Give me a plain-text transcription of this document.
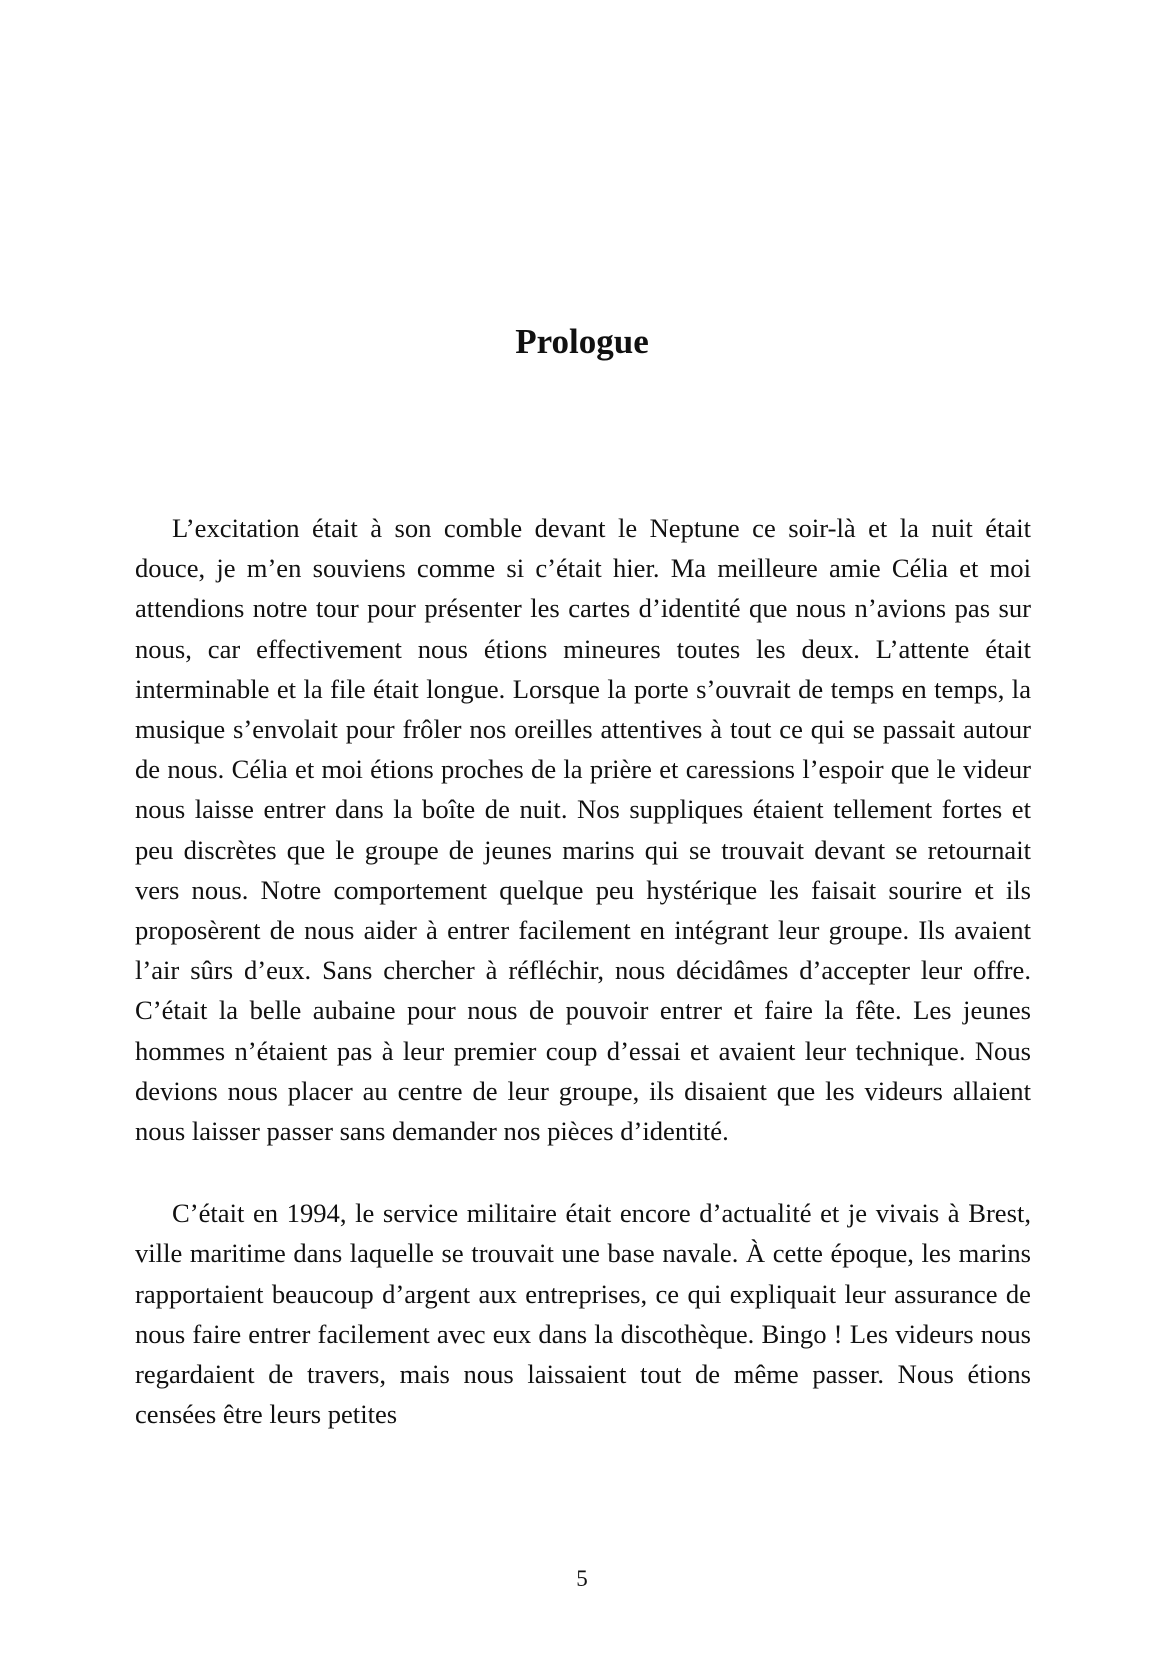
Prologue

L’excitation était à son comble devant le Neptune ce soir-là et la nuit était douce, je m’en souviens comme si c’était hier. Ma meilleure amie Célia et moi attendions notre tour pour présenter les cartes d’identité que nous n’avions pas sur nous, car effectivement nous étions mineures toutes les deux. L’attente était interminable et la file était longue. Lorsque la porte s’ouvrait de temps en temps, la musique s’envolait pour frôler nos oreilles attentives à tout ce qui se passait autour de nous. Célia et moi étions proches de la prière et caressions l’espoir que le videur nous laisse entrer dans la boîte de nuit. Nos suppliques étaient tellement fortes et peu discrètes que le groupe de jeunes marins qui se trouvait devant se retournait vers nous. Notre comportement quelque peu hystérique les faisait sourire et ils proposèrent de nous aider à entrer facilement en intégrant leur groupe. Ils avaient l’air sûrs d’eux. Sans chercher à réfléchir, nous décidâmes d’accepter leur offre. C’était la belle aubaine pour nous de pouvoir entrer et faire la fête. Les jeunes hommes n’étaient pas à leur premier coup d’essai et avaient leur technique. Nous devions nous placer au centre de leur groupe, ils disaient que les videurs allaient nous laisser passer sans demander nos pièces d’identité.

C’était en 1994, le service militaire était encore d’actualité et je vivais à Brest, ville maritime dans laquelle se trouvait une base navale. À cette époque, les marins rapportaient beaucoup d’argent aux entreprises, ce qui expliquait leur assurance de nous faire entrer facilement avec eux dans la discothèque. Bingo ! Les videurs nous regardaient de travers, mais nous laissaient tout de même passer. Nous étions censées être leurs petites

5
